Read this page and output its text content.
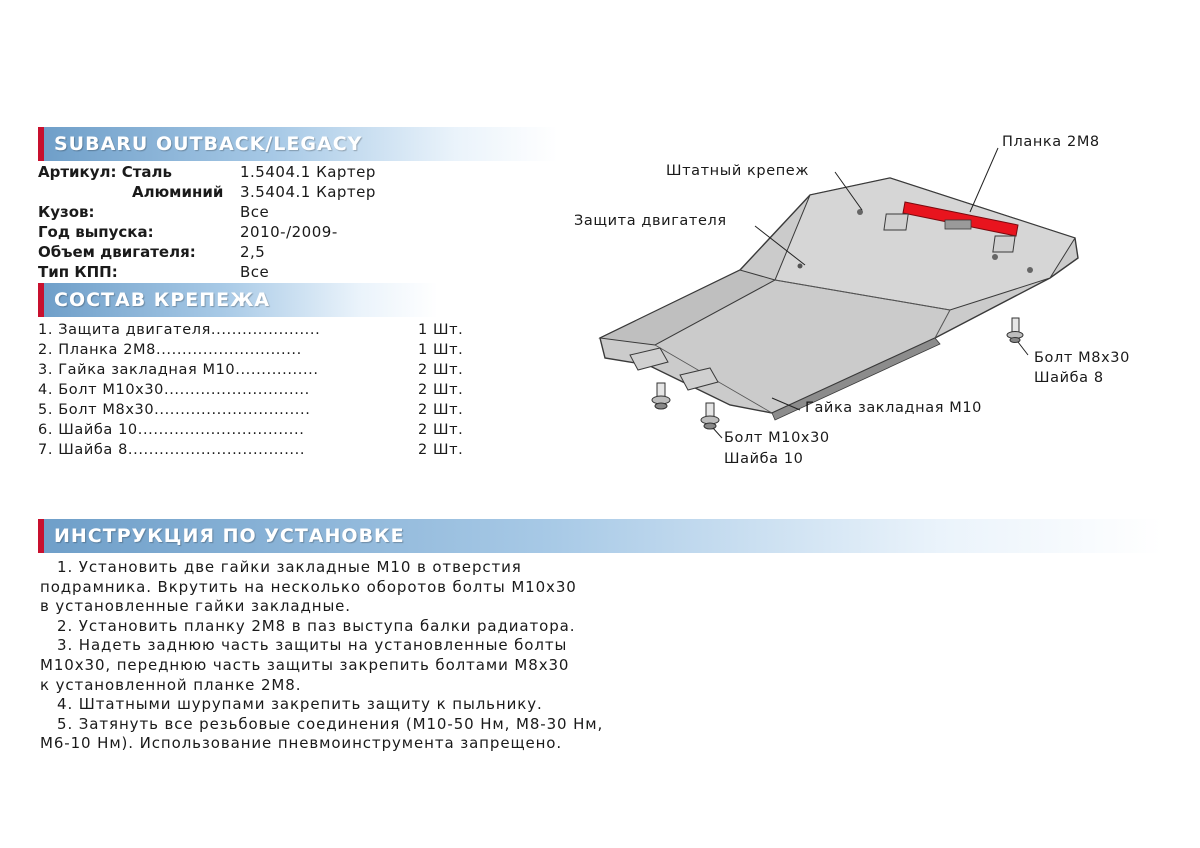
SUBARU OUTBACK/LEGACY
Артикул: Сталь	1.5404.1 Картер
Алюминий 3.5404.1 Картер
Кузов:	Все
Год выпуска:	2010-/2009-
Объем двигателя:	2,5
Тип КПП:	Все
СОСТАВ КРЕПЕЖА
1. Защита двигателя.....................	1 Шт.
2. Планка 2М8............................	1 Шт.
3. Гайка закладная М10................	2 Шт.
4. Болт М10х30............................	2 Шт.
5. Болт М8х30..............................	2 Шт.
6. Шайба 10................................	2 Шт.
7. Шайба 8..................................	2 Шт.
Планка 2М8
Штатный крепеж
Защита двигателя
Болт М8х30
Шайба 8
Гайка закладная М10
Болт М10х30
Шайба 10
ИНСТРУКЦИЯ ПО УСТАНОВКЕ
1. Установить две гайки закладные М10 в отверстия
подрамника. Вкрутить на несколько оборотов болты М10х30
в установленные гайки закладные.
2. Установить планку 2М8 в паз выступа балки радиатора.
3. Надеть заднюю часть защиты на установленные болты
М10х30, переднюю часть защиты закрепить болтами М8х30
к установленной планке 2М8.
4. Штатными шурупами закрепить защиту к пыльнику.
5. Затянуть все резьбовые соединения (М10-50 Нм, М8-30 Нм,
М6-10 Нм). Использование пневмоинструмента запрещено.
